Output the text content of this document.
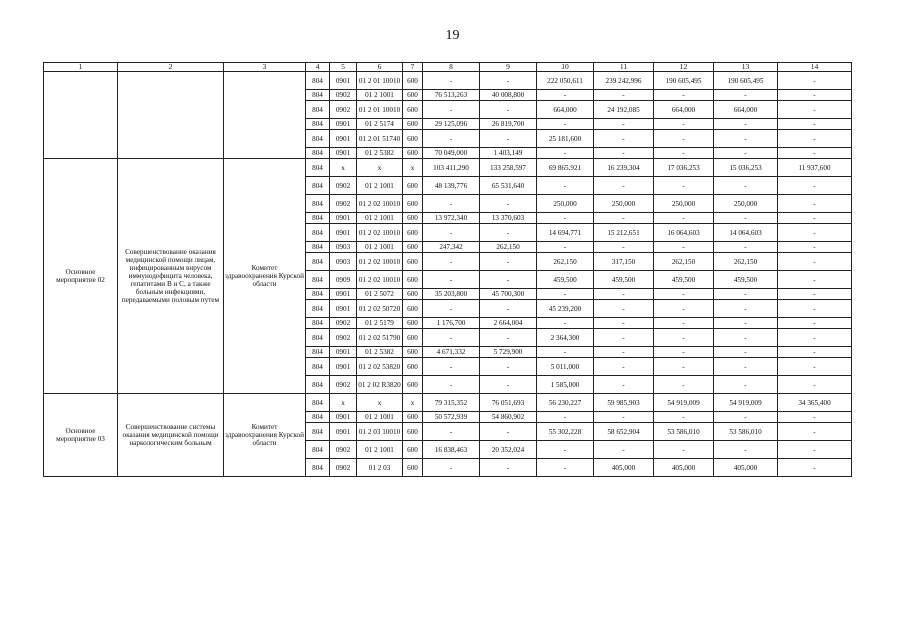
19
1	2	3	4	5	6	7	8	9	10	11	12	13	14
			804	0901	01 2 01 10010	600	-	-	222 050,611	239 242,996	190 605,495	190 605,495	-
			804	0902	01 2 1001	600	76 513,263	40 008,800	-	-	-	-	-
			804	0902	01 2 01 10010	600	-	-	664,000	24 192,085	664,000	664,000	-
			804	0901	01 2 5174	600	29 125,096	26 819,700	-	-	-	-	-
			804	0901	01 2 01 51740	600	-	-	25 181,600	-	-	-	-
			804	0901	01 2 5382	600	70 049,000	1 403,149	-	-	-	-	-
Основное мероприятие 02	Совершенствование оказания медицинской помощи лицам, инфицированным вирусом иммунодефицита человека, гепатитами В и С, а также больным инфекциями, передаваемыми половым путем	Комитет здравоохранения Курской области	804	x	x	x	103 411,290	133 258,597	69 865,921	16 239,304	17 036,253	15 036,253	11 937,600
			804	0902	01 2 1001	600	48 139,776	65 531,640	-	-	-	-	-
			804	0902	01 2 02 10010	600	-	-	250,000	250,000	250,000	250,000	-
			804	0901	01 2 1001	600	13 972,340	13 370,603	-	-	-	-	-
			804	0901	01 2 02 10010	600	-	-	14 694,771	15 212,651	16 064,603	14 064,603	-
			804	0903	01 2 1001	600	247,342	262,150	-	-	-	-	-
			804	0903	01 2 02 10010	600	-	-	262,150	317,150	262,150	262,150	-
			804	0909	01 2 02 10010	600	-	-	459,500	459,500	459,500	459,500	-
			804	0901	01 2 5072	600	35 203,800	45 700,300	-	-	-	-	-
			804	0901	01 2 02 50720	600	-	-	45 239,200	-	-	-	-
			804	0902	01 2 5179	600	1 176,700	2 664,004	-	-	-	-	-
			804	0902	01 2 02 51790	600	-	-	2 364,300	-	-	-	-
			804	0901	01 2 5382	600	4 671,332	5 729,900	-	-	-	-	-
			804	0901	01 2 02 53820	600	-	-	5 011,000	-	-	-	-
			804	0902	01 2 02 R3820	600	-	-	1 585,000	-	-	-	-
Основное мероприятие 03	Совершенствование системы оказания медицинской помощи наркологическим больным	Комитет здравоохранения Курской области	804	x	x	x	79 315,352	76 051,693	56 230,227	59 985,903	54 919,009	54 919,009	34 365,400
			804	0901	01 2 1001	600	50 572,939	54 860,902	-	-	-	-	-
			804	0901	01 2 03 10010	600	-	-	55 302,228	58 652,904	53 586,010	53 586,010	-
			804	0902	01 2 1001	600	16 838,463	20 352,024	-	-	-	-	-
			804	0902	01 2 03	600	-	-	-	405,000	405,000	405,000	-
